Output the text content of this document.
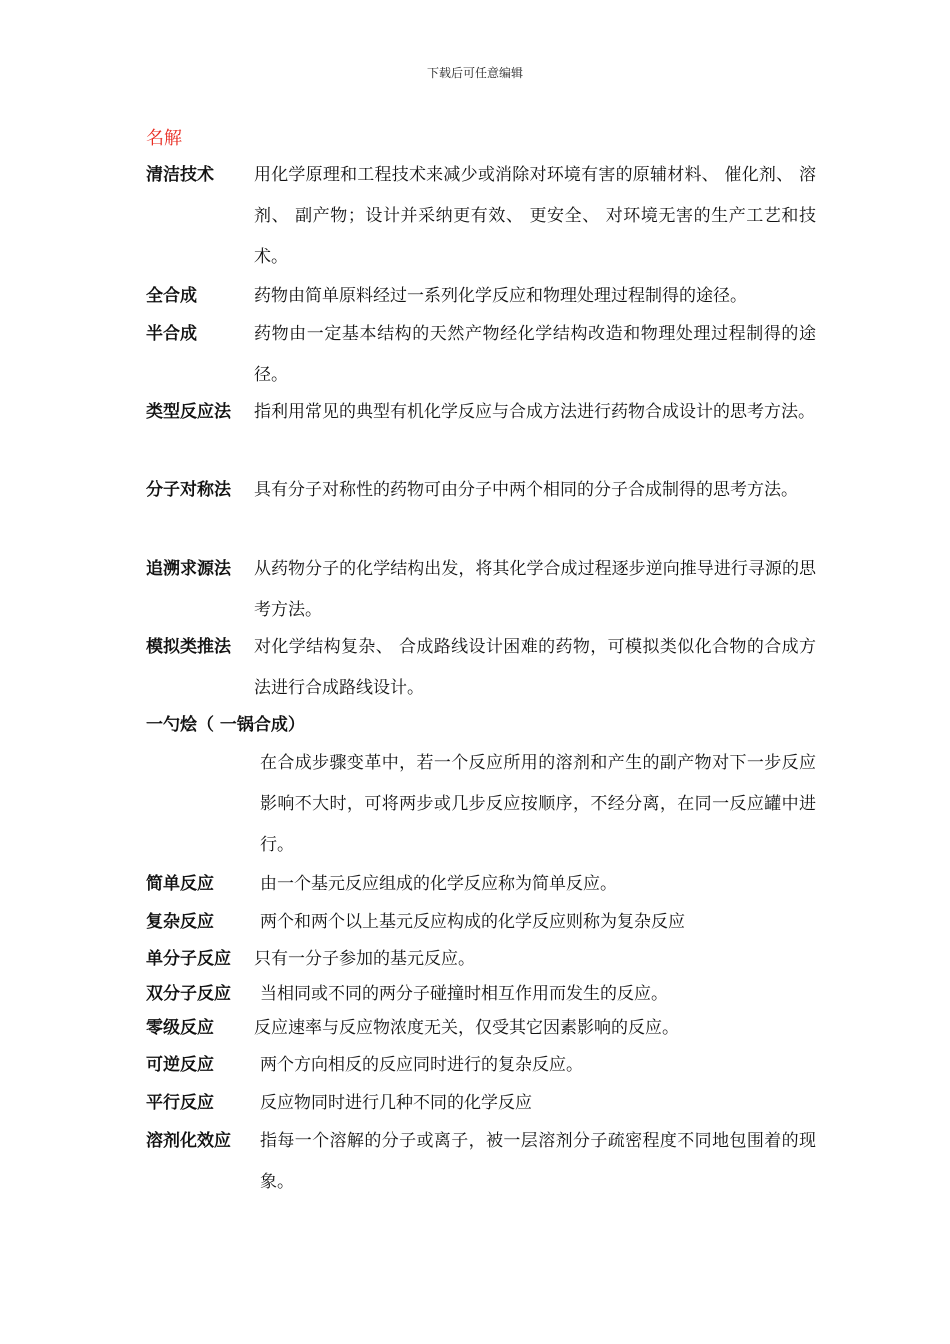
下载后可任意编辑
名解
清洁技术 用化学原理和工程技术来减少或消除对环境有害的原辅材料、 催化剂、 溶剂、 副产物；设计并采纳更有效、 更安全、 对环境无害的生产工艺和技术。
全合成	药物由简单原料经过一系列化学反应和物理处理过程制得的途径。
半合成	药物由一定基本结构的天然产物经化学结构改造和物理处理过程制得的途径。
类型反应法 指利用常见的典型有机化学反应与合成方法进行药物合成设计的思考方法。
分子对称法 具有分子对称性的药物可由分子中两个相同的分子合成制得的思考方法。
追溯求源法 从药物分子的化学结构出发，将其化学合成过程逐步逆向推导进行寻源的思考方法。
模拟类推法 对化学结构复杂、 合成路线设计困难的药物，可模拟类似化合物的合成方法进行合成路线设计。
一勺烩（ 一锅合成）
在合成步骤变革中，若一个反应所用的溶剂和产生的副产物对下一步反应影响不大时，可将两步或几步反应按顺序，不经分离，在同一反应罐中进行。
简单反应	由一个基元反应组成的化学反应称为简单反应。
复杂反应	两个和两个以上基元反应构成的化学反应则称为复杂反应
单分子反应 只有一分子参加的基元反应。
双分子反应 当相同或不同的两分子碰撞时相互作用而发生的反应。
零级反应 反应速率与反应物浓度无关，仅受其它因素影响的反应。
可逆反应	两个方向相反的反应同时进行的复杂反应。
平行反应	反应物同时进行几种不同的化学反应
溶剂化效应 指每一个溶解的分子或离子，被一层溶剂分子疏密程度不同地包围着的现象。
